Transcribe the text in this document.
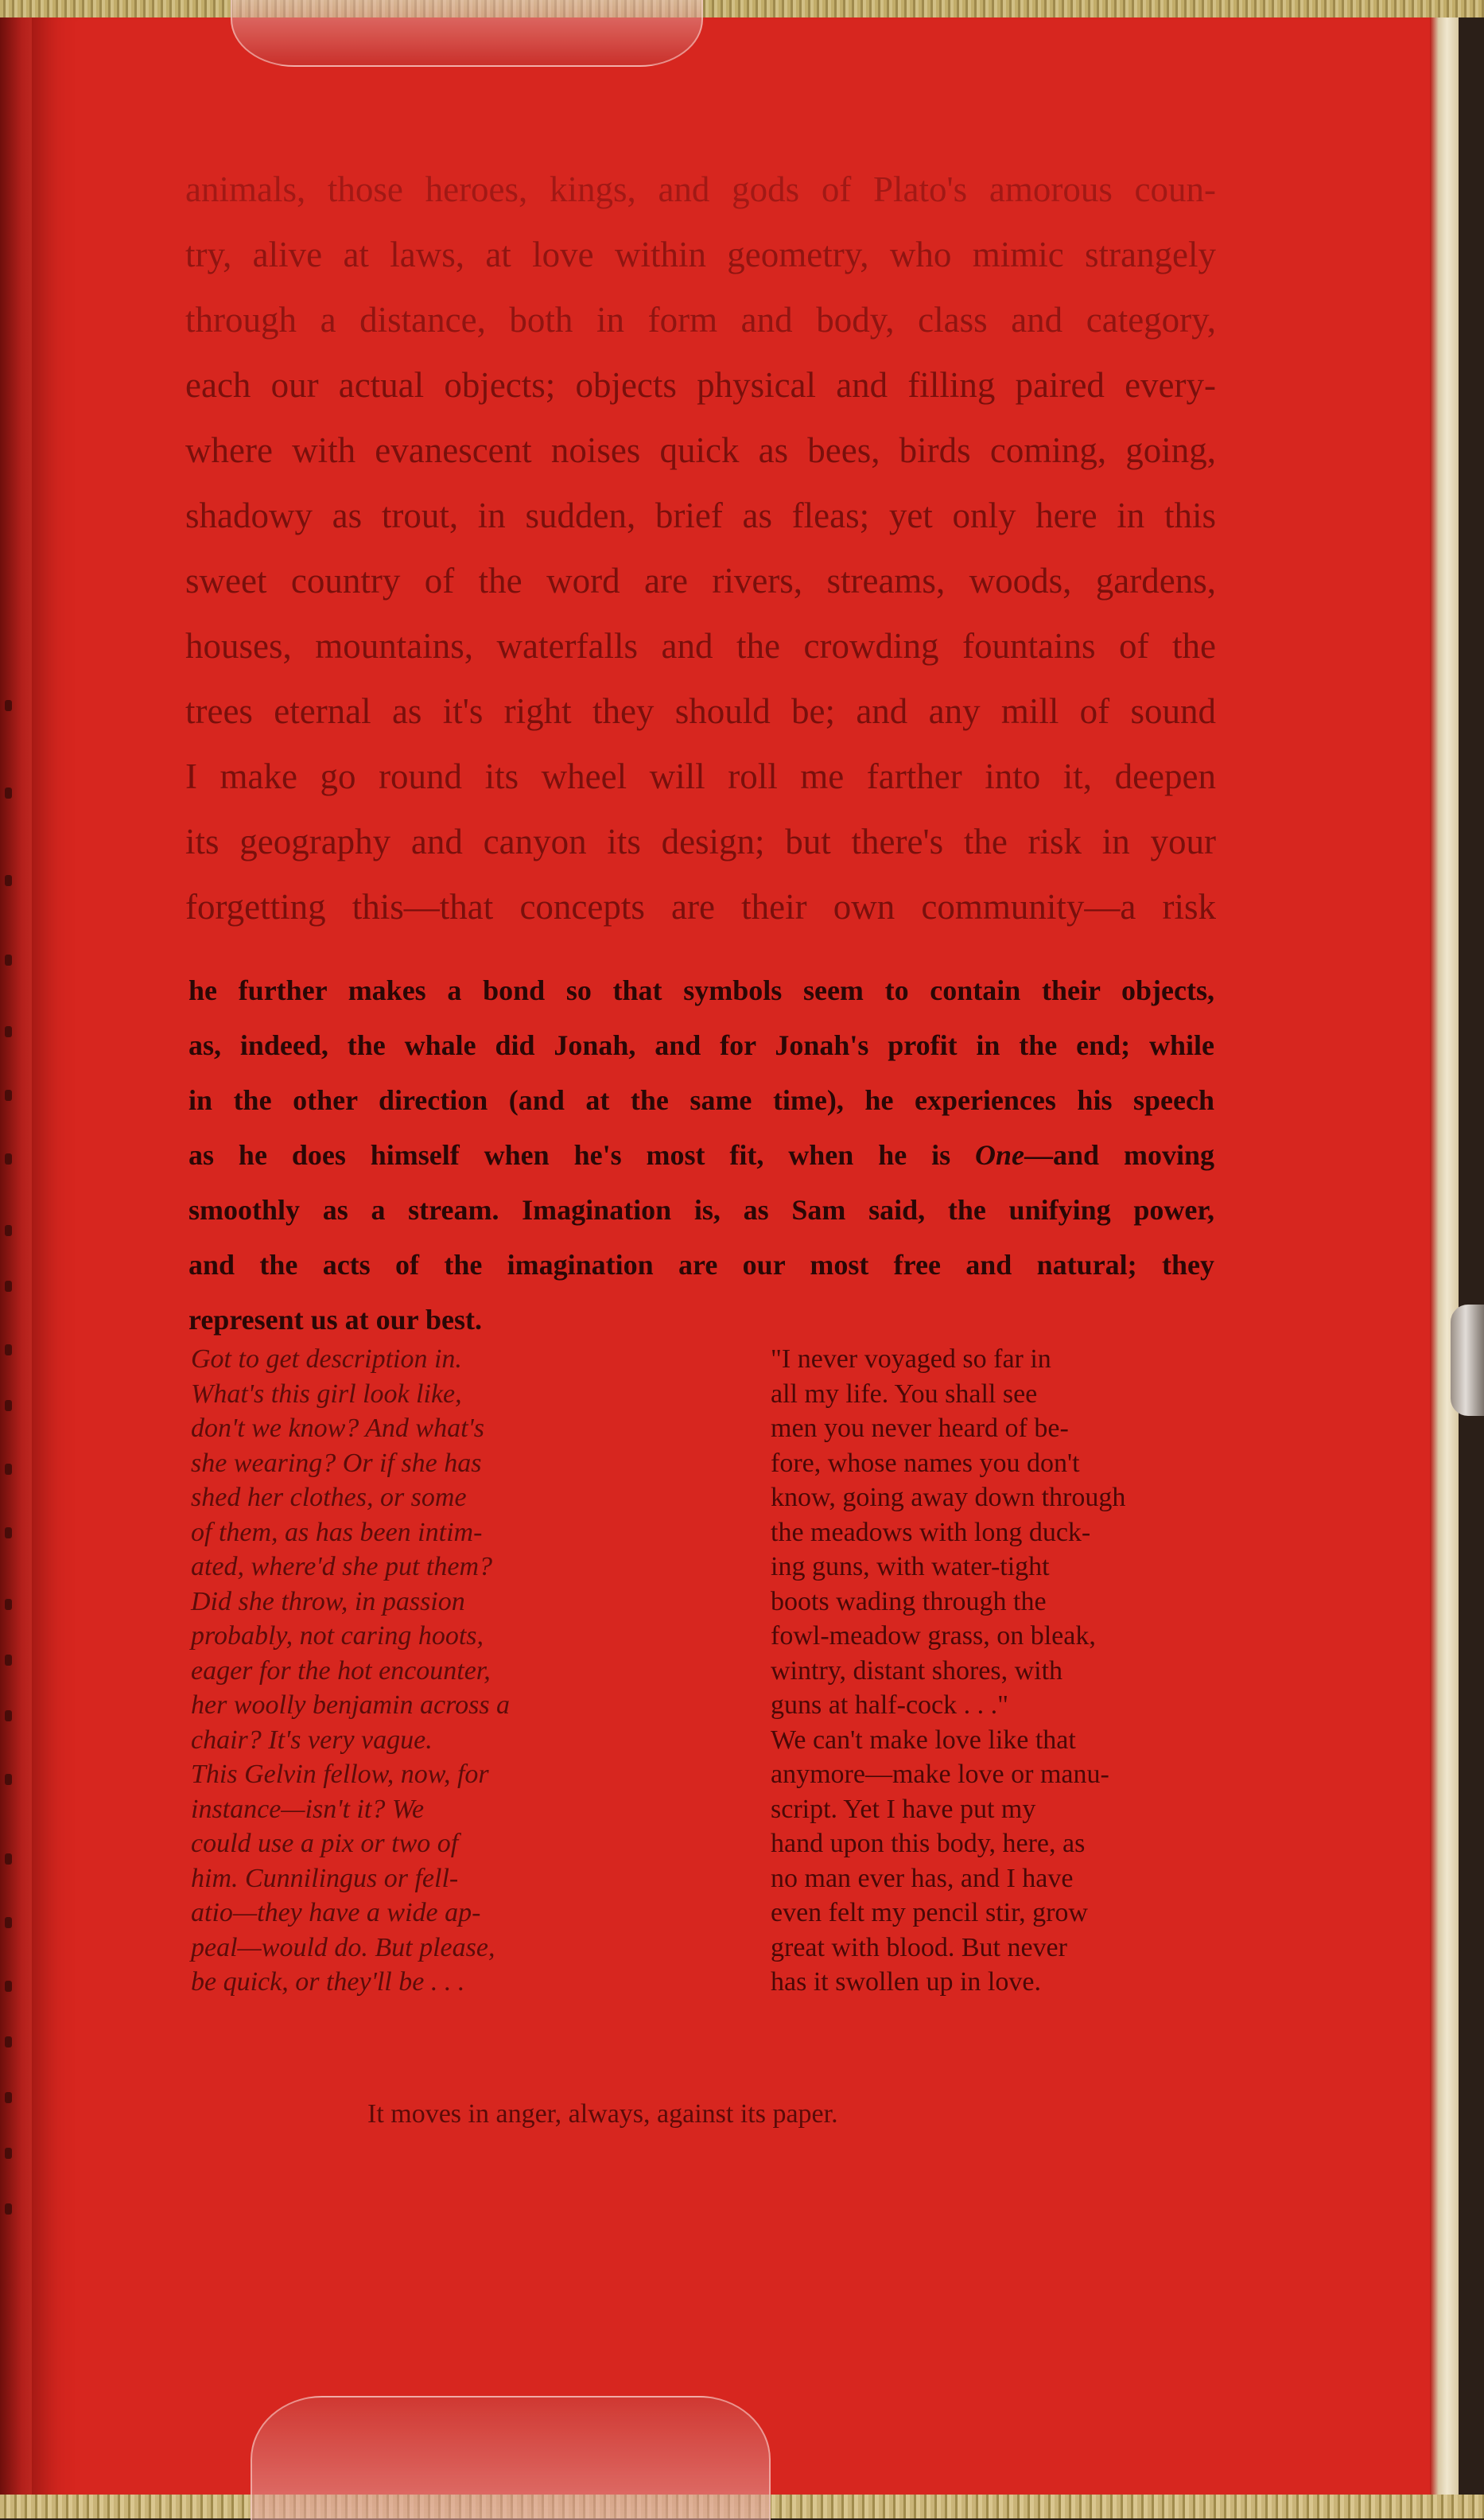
animals, those heroes, kings, and gods of Plato's amorous coun-
try, alive at laws, at love within geometry, who mimic strangely
through a distance, both in form and body, class and category,
each our actual objects; objects physical and filling paired every-
where with evanescent noises quick as bees, birds coming, going,
shadowy as trout, in sudden, brief as fleas; yet only here in this
sweet country of the word are rivers, streams, woods, gardens,
houses, mountains, waterfalls and the crowding fountains of the
trees eternal as it's right they should be; and any mill of sound
I make go round its wheel will roll me farther into it, deepen
its geography and canyon its design; but there's the risk in your
forgetting this—that concepts are their own community—a risk
he further makes a bond so that symbols seem to contain their objects,
as, indeed, the whale did Jonah, and for Jonah's profit in the end; while
in the other direction (and at the same time), he experiences his speech
as he does himself when he's most fit, when he is One—and moving
smoothly as a stream. Imagination is, as Sam said, the unifying power,
and the acts of the imagination are our most free and natural; they
represent us at our best.
Got to get description in.
What's this girl look like,
don't we know? And what's
she wearing? Or if she has
shed her clothes, or some
of them, as has been intim-
ated, where'd she put them?
Did she throw, in passion
probably, not caring hoots,
eager for the hot encounter,
her woolly benjamin across a
chair? It's very vague.
This Gelvin fellow, now, for
instance—isn't it? We
could use a pix or two of
him. Cunnilingus or fell-
atio—they have a wide ap-
peal—would do. But please,
be quick, or they'll be . . .
"I never voyaged so far in
all my life. You shall see
men you never heard of be-
fore, whose names you don't
know, going away down through
the meadows with long duck-
ing guns, with water-tight
boots wading through the
fowl-meadow grass, on bleak,
wintry, distant shores, with
guns at half-cock . . ."
We can't make love like that
anymore—make love or manu-
script. Yet I have put my
hand upon this body, here, as
no man ever has, and I have
even felt my pencil stir, grow
great with blood. But never
has it swollen up in love.
It moves in anger, always, against its paper.
